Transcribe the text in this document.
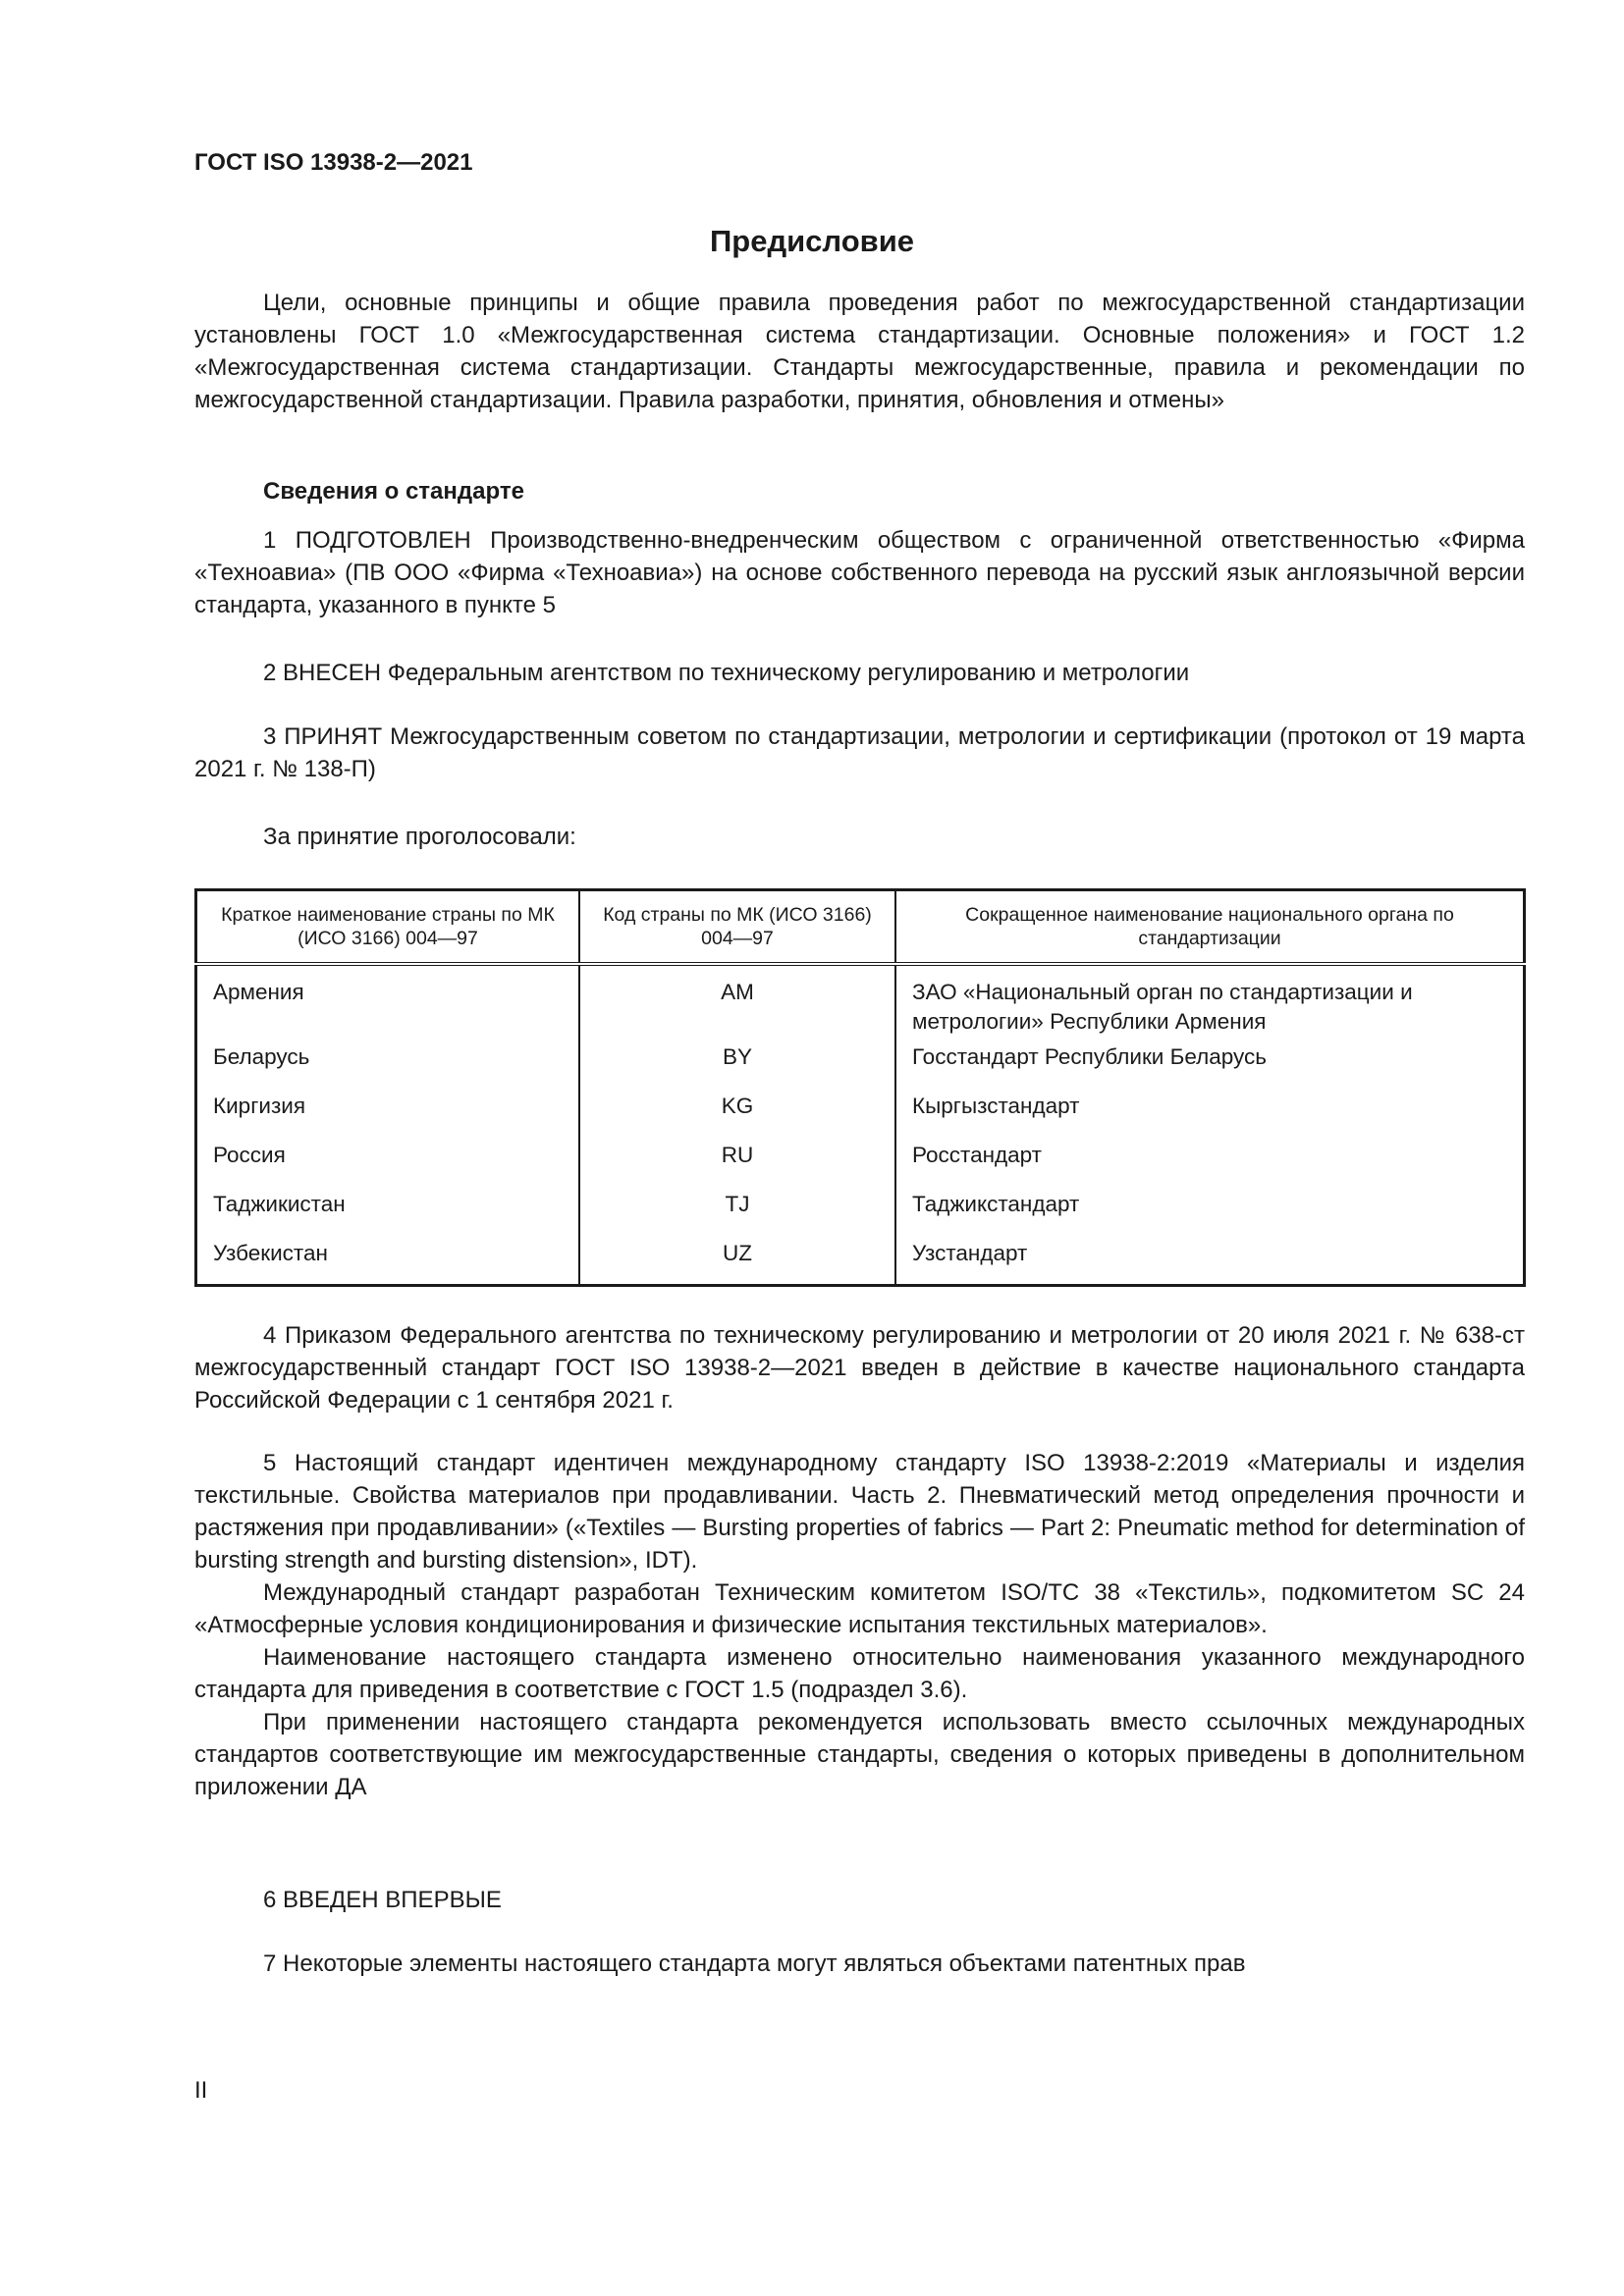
ГОСТ ISO 13938-2—2021
Предисловие
Цели, основные принципы и общие правила проведения работ по межгосударственной стандартизации установлены ГОСТ 1.0 «Межгосударственная система стандартизации. Основные положения» и ГОСТ 1.2 «Межгосударственная система стандартизации. Стандарты межгосударственные, правила и рекомендации по межгосударственной стандартизации. Правила разработки, принятия, обновления и отмены»
Сведения о стандарте
1 ПОДГОТОВЛЕН Производственно-внедренческим обществом с ограниченной ответственностью «Фирма «Техноавиа» (ПВ ООО «Фирма «Техноавиа») на основе собственного перевода на русский язык англоязычной версии стандарта, указанного в пункте 5
2 ВНЕСЕН Федеральным агентством по техническому регулированию и метрологии
3 ПРИНЯТ Межгосударственным советом по стандартизации, метрологии и сертификации (протокол от 19 марта 2021 г. № 138-П)
За принятие проголосовали:
Краткое наименование страны по МК (ИСО 3166) 004—97	Код страны по МК (ИСО 3166) 004—97	Сокращенное наименование национального органа по стандартизации
Армения	AM	ЗАО «Национальный орган по стандартизации и метрологии» Республики Армения
Беларусь	BY	Госстандарт Республики Беларусь
Киргизия	KG	Кыргызстандарт
Россия	RU	Росстандарт
Таджикистан	TJ	Таджикстандарт
Узбекистан	UZ	Узстандарт
4 Приказом Федерального агентства по техническому регулированию и метрологии от 20 июля 2021 г. № 638-ст межгосударственный стандарт ГОСТ ISO 13938-2—2021 введен в действие в качестве национального стандарта Российской Федерации с 1 сентября 2021 г.

5 Настоящий стандарт идентичен международному стандарту ISO 13938-2:2019 «Материалы и изделия текстильные. Свойства материалов при продавливании. Часть 2. Пневматический метод определения прочности и растяжения при продавливании» («Textiles — Bursting properties of fabrics — Part 2: Pneumatic method for determination of bursting strength and bursting distension», IDT).

Международный стандарт разработан Техническим комитетом ISO/TC 38 «Текстиль», подкомитетом SC 24 «Атмосферные условия кондиционирования и физические испытания текстильных материалов».

Наименование настоящего стандарта изменено относительно наименования указанного международного стандарта для приведения в соответствие с ГОСТ 1.5 (подраздел 3.6).

При применении настоящего стандарта рекомендуется использовать вместо ссылочных международных стандартов соответствующие им межгосударственные стандарты, сведения о которых приведены в дополнительном приложении ДА

6 ВВЕДЕН ВПЕРВЫЕ
7 Некоторые элементы настоящего стандарта могут являться объектами патентных прав
II
